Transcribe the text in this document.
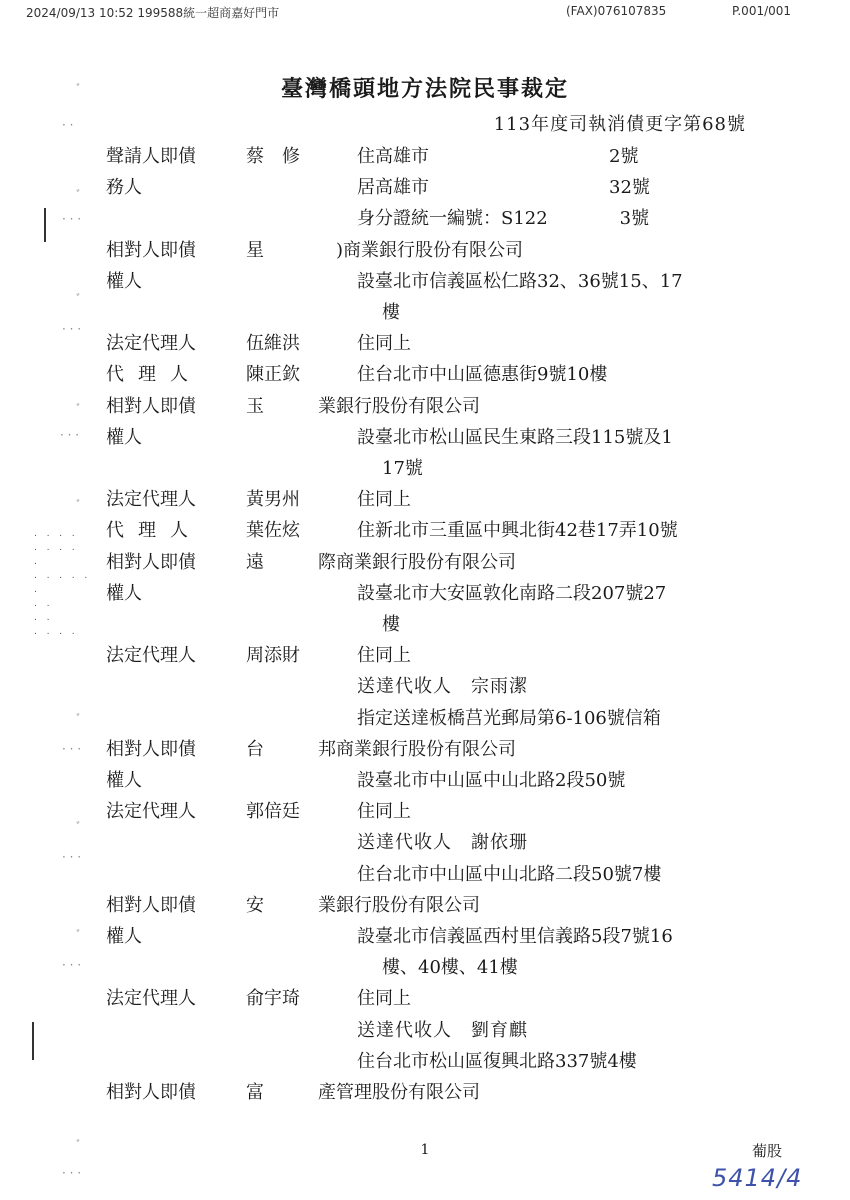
2024/09/13 10:52 199588統一超商嘉好門市	(FAX)076107835	P.001/001
臺灣橋頭地方法院民事裁定
113年度司執消債更字第68號
聲請人即債	蔡　修	住高雄市　　　　　　　　　　2號
務人	居高雄市　　　　　　　　　　32號
身分證統一編號：S122　　　　3號
相對人即債	星　　　　)商業銀行股份有限公司
權人	設臺北市信義區松仁路32、36號15、17
樓
法定代理人	伍維洪	住同上
代理人 陳正欽	住台北市中山區德惠街9號10樓
相對人即債	玉　　　業銀行股份有限公司
權人	設臺北市松山區民生東路三段115號及1
17號
法定代理人	黃男州	住同上
代理人 葉佐炫	住新北市三重區中興北街42巷17弄10號
相對人即債	遠　　　際商業銀行股份有限公司
權人	設臺北市大安區敦化南路二段207號27
樓
法定代理人	周添財	住同上
送達代收人　宗雨潔
指定送達板橋莒光郵局第6-106號信箱
相對人即債	台　　　邦商業銀行股份有限公司
權人	設臺北市中山區中山北路2段50號
法定代理人	郭倍廷	住同上
送達代收人　謝依珊
住台北市中山區中山北路二段50號7樓
相對人即債	安　　　業銀行股份有限公司
權人	設臺北市信義區西村里信義路5段7號16
樓、40樓、41樓
法定代理人	俞宇琦	住同上
送達代收人　劉育麒
住台北市松山區復興北路337號4樓
相對人即債	富　　　產管理股份有限公司
ﾞ
· ·
ﾞ
· · ·
ﾞ
· · ·
ﾞ
· · ·
ﾞ
ᐧ ᐧ ᐧ ᐧ
ᐧ ᐧ ᐧ ᐧ
ᐧ
ᐧ ᐧ ᐧ ᐧ ᐧ
ᐧ
ᐧ ᐧ
ᐧ ᐧ
ᐧ ᐧ ᐧ ᐧ
ﾞ
· · ·
ﾞ
· · ·
ﾞ
· · ·
ﾞ
· · ·
1	葡股
5414/4
